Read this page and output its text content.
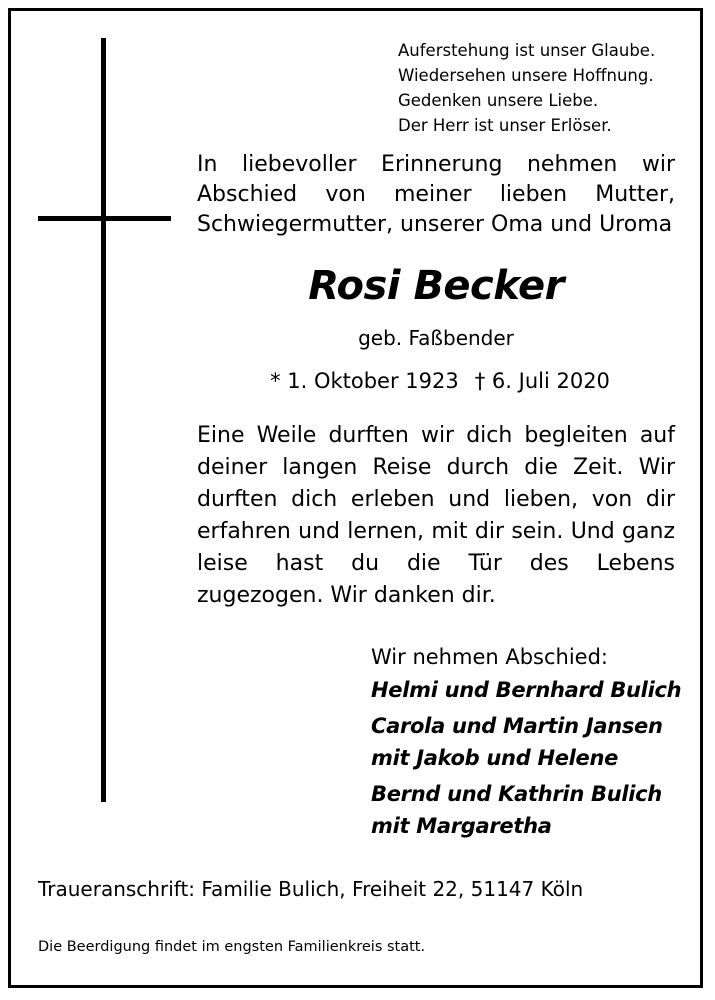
Auferstehung ist unser Glaube.
Wiedersehen unsere Hoffnung.
Gedenken unsere Liebe.
Der Herr ist unser Erlöser.
In liebevoller Erinnerung nehmen wir
Abschied von meiner lieben Mutter,
Schwiegermutter, unserer Oma und Uroma
Rosi Becker
geb. Faßbender
* 1. Oktober 1923 † 6. Juli 2020
Eine Weile durften wir dich begleiten auf
deiner langen Reise durch die Zeit. Wir
durften dich erleben und lieben, von dir
erfahren und lernen, mit dir sein. Und ganz
leise hast du die Tür des Lebens
zugezogen. Wir danken dir.
Wir nehmen Abschied:
Helmi und Bernhard Bulich
Carola und Martin Jansen
mit Jakob und Helene
Bernd und Kathrin Bulich
mit Margaretha
Traueranschrift: Familie Bulich, Freiheit 22, 51147 Köln
Die Beerdigung findet im engsten Familienkreis statt.
